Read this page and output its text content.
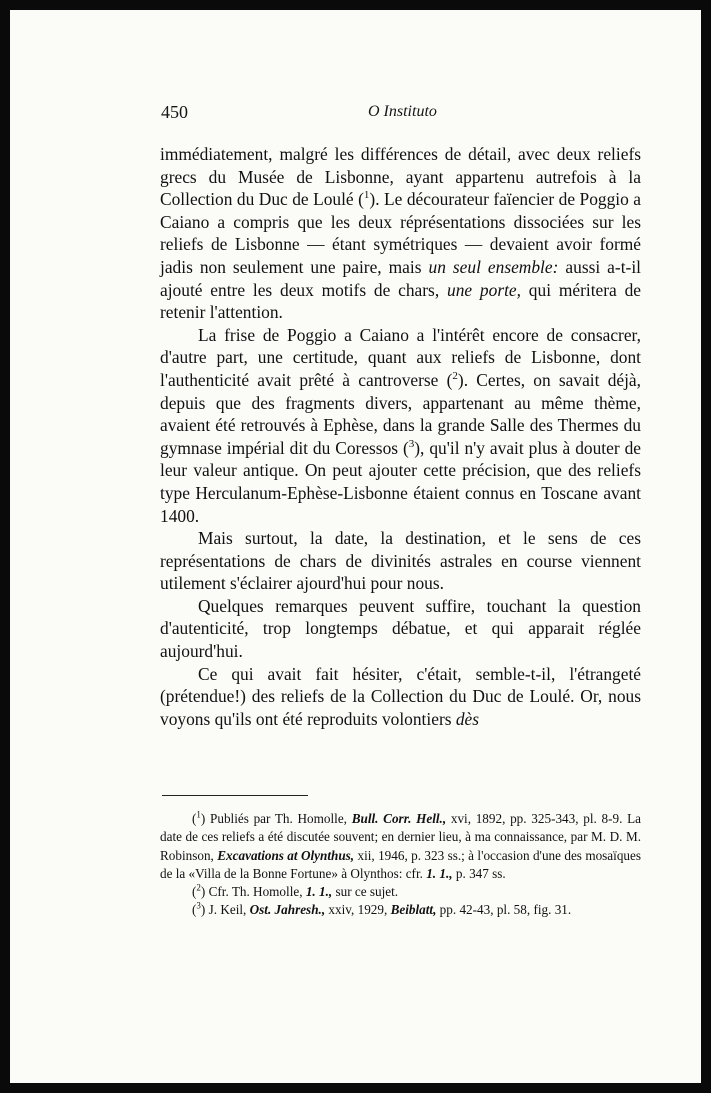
450	O Instituto

immédiatement, malgré les différences de détail, avec deux reliefs grecs du Musée de Lisbonne, ayant appartenu autrefois à la Collection du Duc de Loulé ($^1$). Le décourateur faïencier de Poggio a Caiano a compris que les deux réprésentations dissociées sur les reliefs de Lisbonne — étant symétriques — devaient avoir formé jadis non seulement une paire, mais un seul ensemble: aussi a-t-il ajouté entre les deux motifs de chars, une porte, qui méritera de retenir l'attention.

La frise de Poggio a Caiano a l'intérêt encore de consacrer, d'autre part, une certitude, quant aux reliefs de Lisbonne, dont l'authenticité avait prêté à cantroverse ($^2$). Certes, on savait déjà, depuis que des fragments divers, appartenant au même thème, avaient été retrouvés à Ephèse, dans la grande Salle des Thermes du gymnase impérial dit du Coressos ($^3$), qu'il n'y avait plus à douter de leur valeur antique. On peut ajouter cette précision, que des reliefs type Herculanum-Ephèse-Lisbonne étaient connus en Toscane avant 1400.

Mais surtout, la date, la destination, et le sens de ces représentations de chars de divinités astrales en course viennent utilement s'éclairer ajourd'hui pour nous.

Quelques remarques peuvent suffire, touchant la question d'autenticité, trop longtemps débatue, et qui apparait réglée aujourd'hui.

Ce qui avait fait hésiter, c'était, semble-t-il, l'étrangeté (prétendue!) des reliefs de la Collection du Duc de Loulé. Or, nous voyons qu'ils ont été reproduits volontiers dès

($^1$) Publiés par Th. Homolle, Bull. Corr. Hell., xvi, 1892, pp. 325-343, pl. 8-9. La date de ces reliefs a été discutée souvent; en dernier lieu, à ma connaissance, par M. D. M. Robinson, Excavations at Olynthus, xii, 1946, p. 323 ss.; à l'occasion d'une des mosaïques de la «Villa de la Bonne Fortune» à Olynthos: cfr. 1. 1., p. 347 ss.

($^2$) Cfr. Th. Homolle, 1. 1., sur ce sujet.

($^3$) J. Keil, Ost. Jahresh., xxiv, 1929, Beiblatt, pp. 42-43, pl. 58, fig. 31.
